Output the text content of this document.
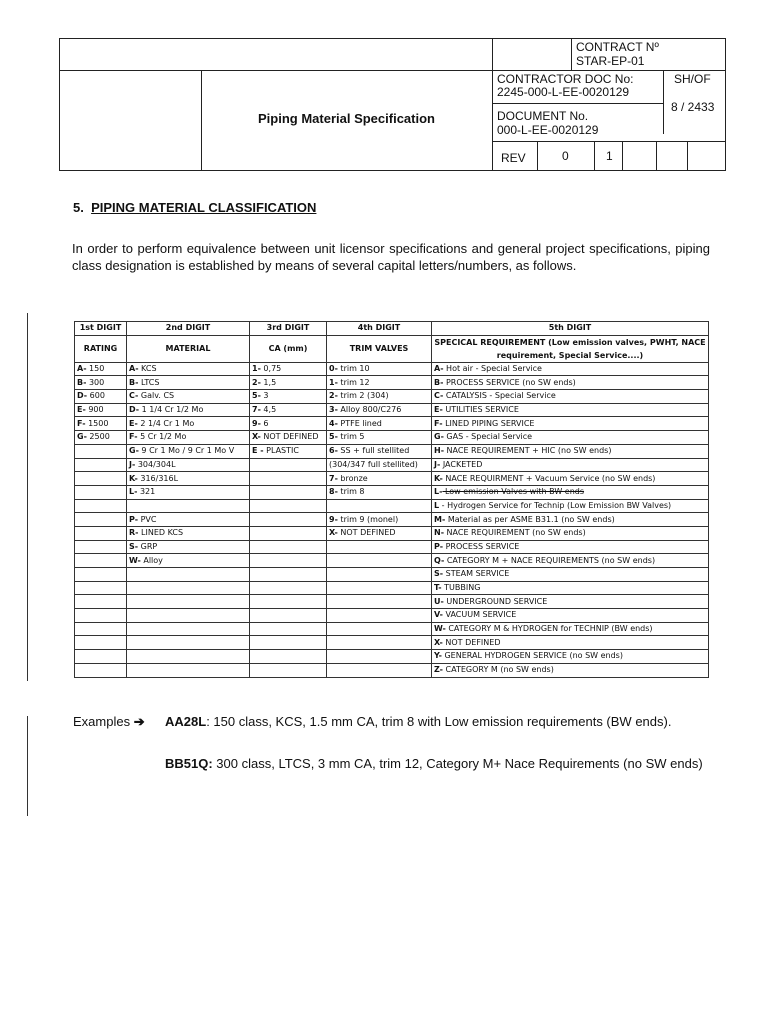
CONTRACT Nº
STAR-EP-01
CONTRACTOR DOC No:
2245-000-L-EE-0020129
SH/OF
8 / 2433
DOCUMENT No.
000-L-EE-0020129
REV	0	1
Piping Material Specification
5. PIPING MATERIAL CLASSIFICATION
In order to perform equivalence between unit licensor specifications and general project specifications, piping class designation is established by means of several capital letters/numbers, as follows.
1st DIGIT	2nd DIGIT	3rd DIGIT	4th DIGIT	5th DIGIT
RATING	MATERIAL	CA (mm)	TRIM VALVES	SPECICAL REQUIREMENT (Low emission valves, PWHT, NACE requirement, Special Service....)
A- 150	A- KCS	1- 0,75	0- trim 10	A- Hot air - Special Service
B- 300	B- LTCS	2- 1,5	1- trim 12	B- PROCESS SERVICE (no SW ends)
D- 600	C- Galv. CS	5- 3	2- trim 2 (304)	C- CATALYSIS - Special Service
E- 900	D- 1 1/4 Cr 1/2 Mo	7- 4,5	3- Alloy 800/C276	E- UTILITIES SERVICE
F- 1500	E- 2 1/4 Cr 1 Mo	9- 6	4- PTFE lined	F- LINED PIPING SERVICE
G- 2500	F- 5 Cr 1/2 Mo	X- NOT DEFINED	5- trim 5	G- GAS - Special Service
	G- 9 Cr 1 Mo / 9 Cr 1 Mo V	E - PLASTIC	6- SS + full stellited	H- NACE REQUIREMENT + HIC (no SW ends)
	J- 304/304L		(304/347 full stellited)	J- JACKETED
	K- 316/316L		7- bronze	K- NACE REQUIRMENT + Vacuum Service (no SW ends)
	L- 321		8- trim 8	L- Low emission Valves with BW ends
				L - Hydrogen Service for Technip (Low Emission BW Valves)
	P- PVC		9- trim 9 (monel)	M- Material as per ASME B31.1 (no SW ends)
	R- LINED KCS		X- NOT DEFINED	N- NACE REQUIREMENT (no SW ends)
	S- GRP			P- PROCESS SERVICE
	W- Alloy			Q- CATEGORY M + NACE REQUIREMENTS (no SW ends)
				S- STEAM SERVICE
				T- TUBBING
				U- UNDERGROUND SERVICE
				V- VACUUM SERVICE
				W- CATEGORY M & HYDROGEN for TECHNIP (BW ends)
				X- NOT DEFINED
				Y- GENERAL HYDROGEN SERVICE (no SW ends)
				Z- CATEGORY M (no SW ends)
Examples ➔ AA28L: 150 class, KCS, 1.5 mm CA, trim 8 with Low emission requirements (BW ends).
BB51Q: 300 class, LTCS, 3 mm CA, trim 12, Category M+ Nace Requirements (no SW ends)
